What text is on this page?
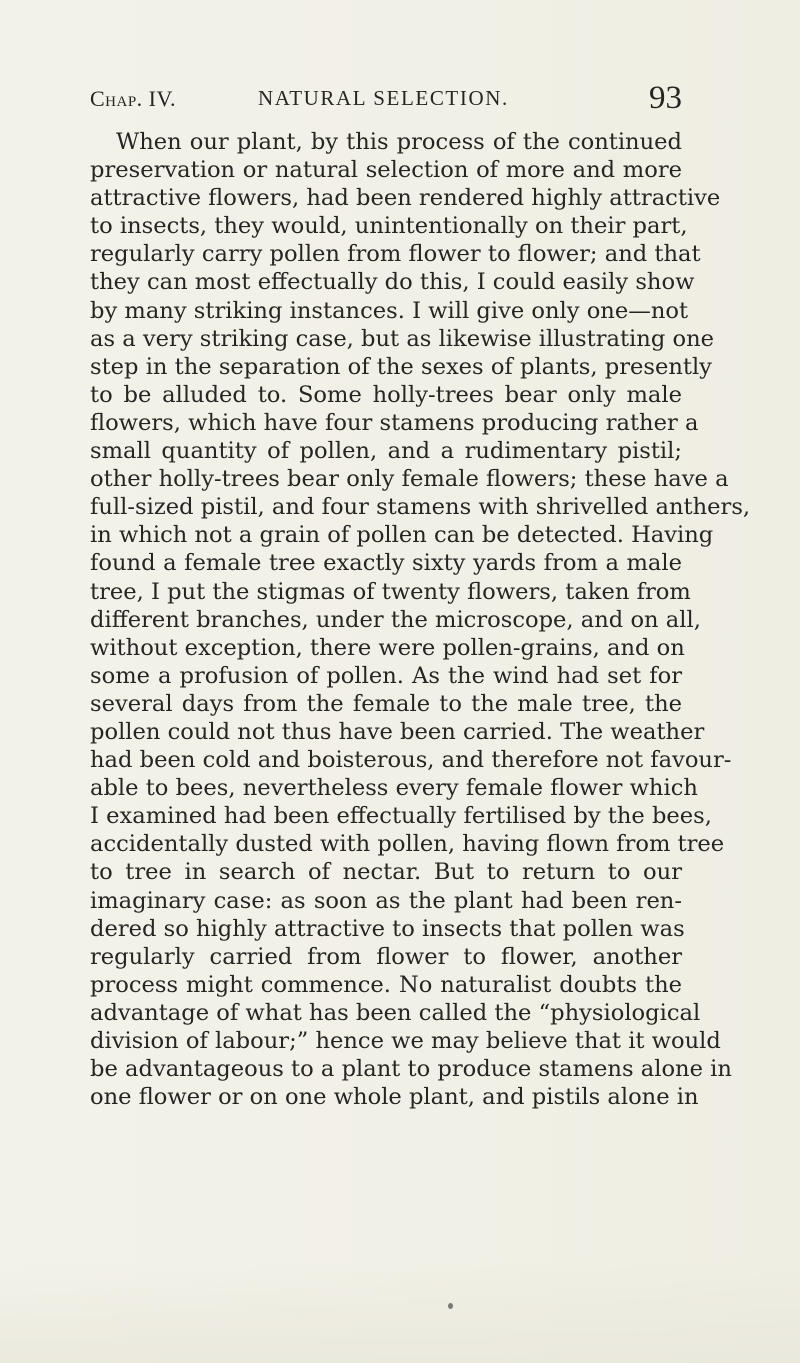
Chap. IV.	NATURAL SELECTION.	93
When our plant, by this process of the continued
preservation or natural selection of more and more
attractive flowers, had been rendered highly attractive
to insects, they would, unintentionally on their part,
regularly carry pollen from flower to flower; and that
they can most effectually do this, I could easily show
by many striking instances. I will give only one—not
as a very striking case, but as likewise illustrating one
step in the separation of the sexes of plants, presently
to be alluded to. Some holly-trees bear only male
flowers, which have four stamens producing rather a
small quantity of pollen, and a rudimentary pistil;
other holly-trees bear only female flowers; these have a
full-sized pistil, and four stamens with shrivelled anthers,
in which not a grain of pollen can be detected. Having
found a female tree exactly sixty yards from a male
tree, I put the stigmas of twenty flowers, taken from
different branches, under the microscope, and on all,
without exception, there were pollen-grains, and on
some a profusion of pollen. As the wind had set for
several days from the female to the male tree, the
pollen could not thus have been carried. The weather
had been cold and boisterous, and therefore not favour-
able to bees, nevertheless every female flower which
I examined had been effectually fertilised by the bees,
accidentally dusted with pollen, having flown from tree
to tree in search of nectar. But to return to our
imaginary case: as soon as the plant had been ren-
dered so highly attractive to insects that pollen was
regularly carried from flower to flower, another
process might commence. No naturalist doubts the
advantage of what has been called the “physiological
division of labour;” hence we may believe that it would
be advantageous to a plant to produce stamens alone in
one flower or on one whole plant, and pistils alone in
